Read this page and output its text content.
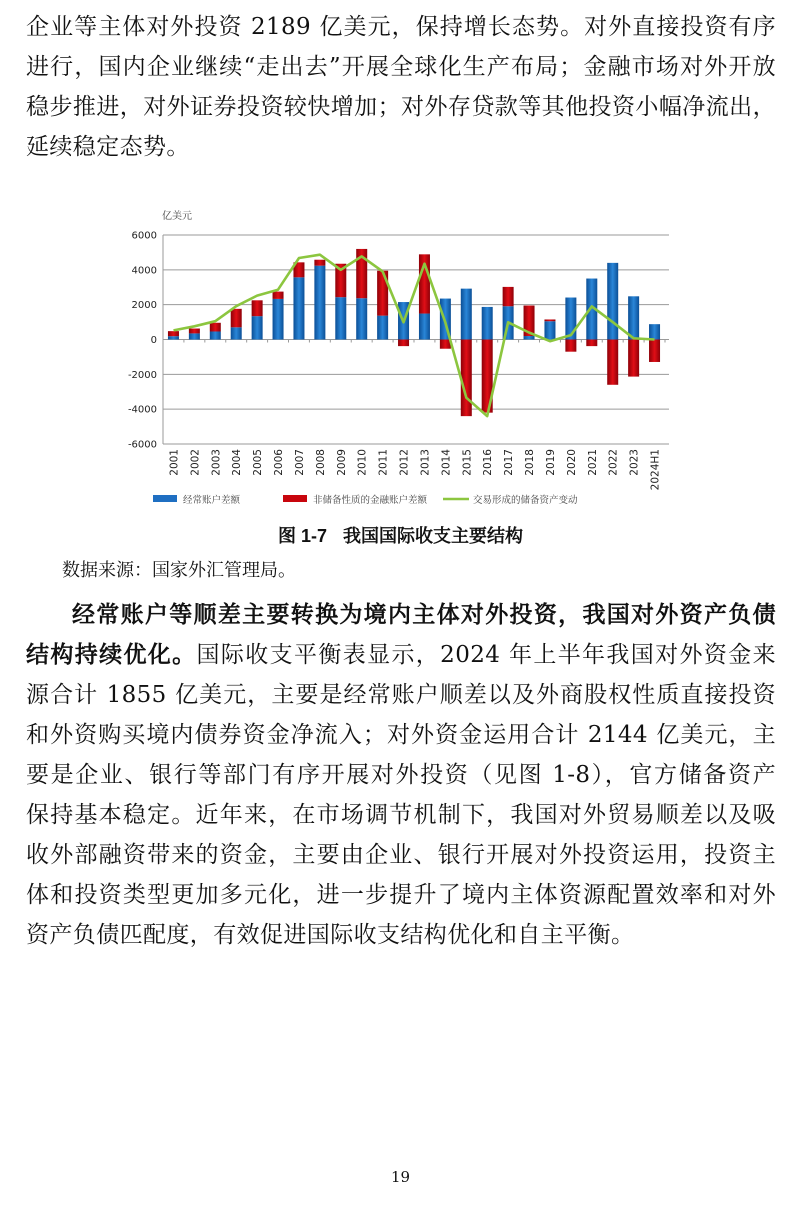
企业等主体对外投资 2189 亿美元，保持增长态势。对外直接投资有序
进行，国内企业继续“走出去”开展全球化生产布局；金融市场对外开放
稳步推进，对外证券投资较快增加；对外存贷款等其他投资小幅净流出，
延续稳定态势。
亿美元
6000
4000
2000
0
-2000
-4000
-6000
2001 2002 2003 2004 2005 2006 2007 2008 2009 2010 2011 2012 2013 2014 2015 2016 2017 2018 2019 2020 2021 2022 2023 2024H1
经常账户差额	非储备性质的金融账户差额	交易形成的储备资产变动
图 1-7 我国国际收支主要结构
数据来源：国家外汇管理局。
经常账户等顺差主要转换为境内主体对外投资，我国对外资产负债
结构持续优化。国际收支平衡表显示，2024 年上半年我国对外资金来
源合计 1855 亿美元，主要是经常账户顺差以及外商股权性质直接投资
和外资购买境内债券资金净流入；对外资金运用合计 2144 亿美元，主
要是企业、银行等部门有序开展对外投资（见图 1-8），官方储备资产
保持基本稳定。近年来，在市场调节机制下，我国对外贸易顺差以及吸
收外部融资带来的资金，主要由企业、银行开展对外投资运用，投资主
体和投资类型更加多元化，进一步提升了境内主体资源配置效率和对外
资产负债匹配度，有效促进国际收支结构优化和自主平衡。
19
